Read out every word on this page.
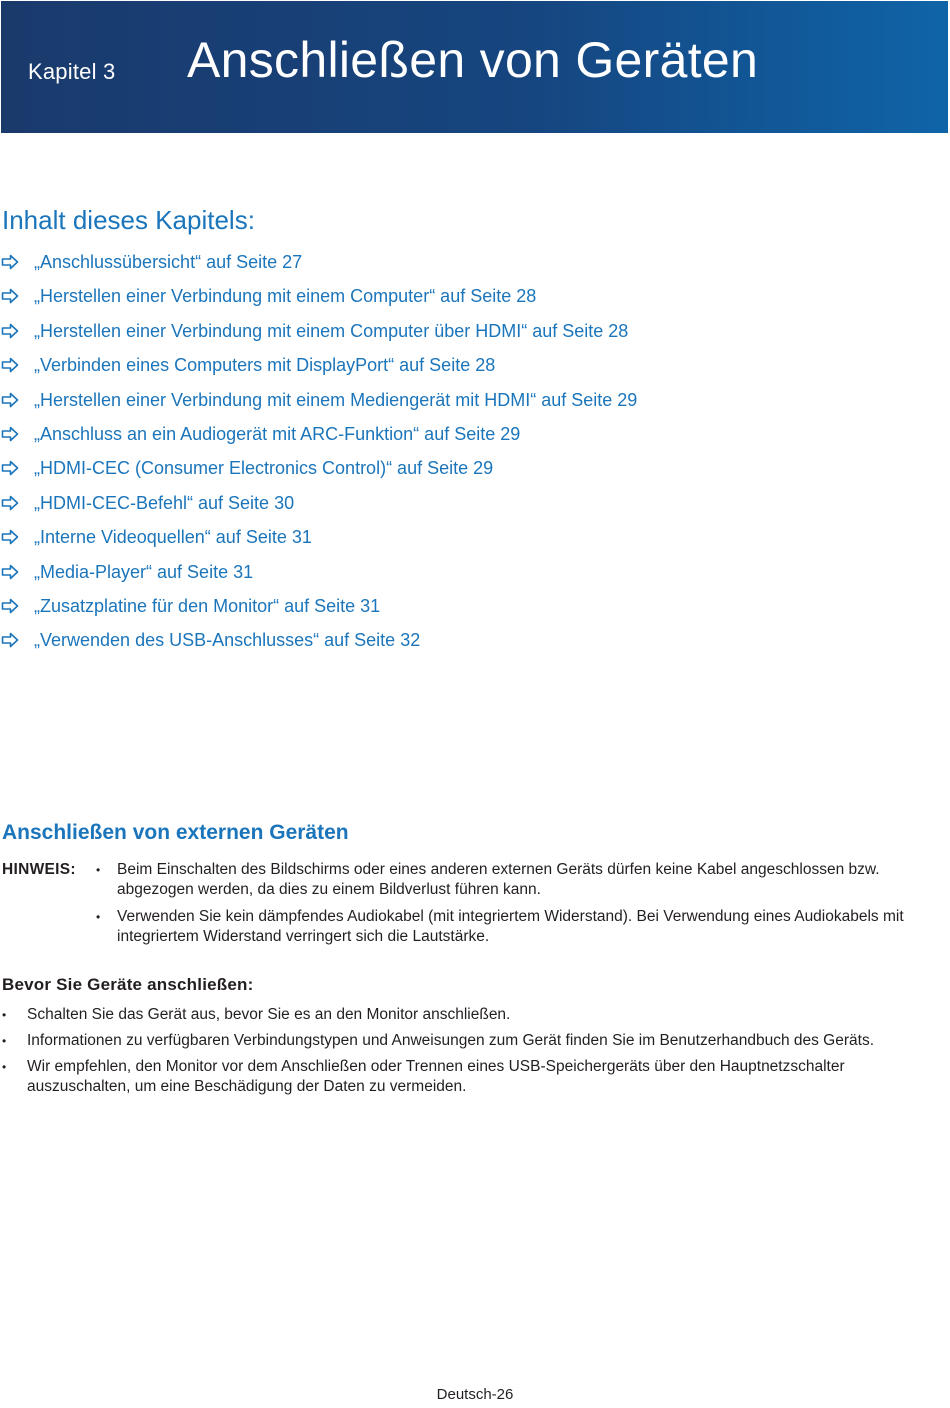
Kapitel 3 Anschließen von Geräten
Inhalt dieses Kapitels:
„Anschlussübersicht“ auf Seite 27
„Herstellen einer Verbindung mit einem Computer“ auf Seite 28
„Herstellen einer Verbindung mit einem Computer über HDMI“ auf Seite 28
„Verbinden eines Computers mit DisplayPort“ auf Seite 28
„Herstellen einer Verbindung mit einem Mediengerät mit HDMI“ auf Seite 29
„Anschluss an ein Audiogerät mit ARC-Funktion“ auf Seite 29
„HDMI-CEC (Consumer Electronics Control)“ auf Seite 29
„HDMI-CEC-Befehl“ auf Seite 30
„Interne Videoquellen“ auf Seite 31
„Media-Player“ auf Seite 31
„Zusatzplatine für den Monitor“ auf Seite 31
„Verwenden des USB-Anschlusses“ auf Seite 32
Anschließen von externen Geräten
HINWEIS: • Beim Einschalten des Bildschirms oder eines anderen externen Geräts dürfen keine Kabel angeschlossen bzw. abgezogen werden, da dies zu einem Bildverlust führen kann.
• Verwenden Sie kein dämpfendes Audiokabel (mit integriertem Widerstand). Bei Verwendung eines Audiokabels mit integriertem Widerstand verringert sich die Lautstärke.
Bevor Sie Geräte anschließen:
• Schalten Sie das Gerät aus, bevor Sie es an den Monitor anschließen.
• Informationen zu verfügbaren Verbindungstypen und Anweisungen zum Gerät finden Sie im Benutzerhandbuch des Geräts.
• Wir empfehlen, den Monitor vor dem Anschließen oder Trennen eines USB-Speichergeräts über den Hauptnetzschalter auszuschalten, um eine Beschädigung der Daten zu vermeiden.
Deutsch-26
